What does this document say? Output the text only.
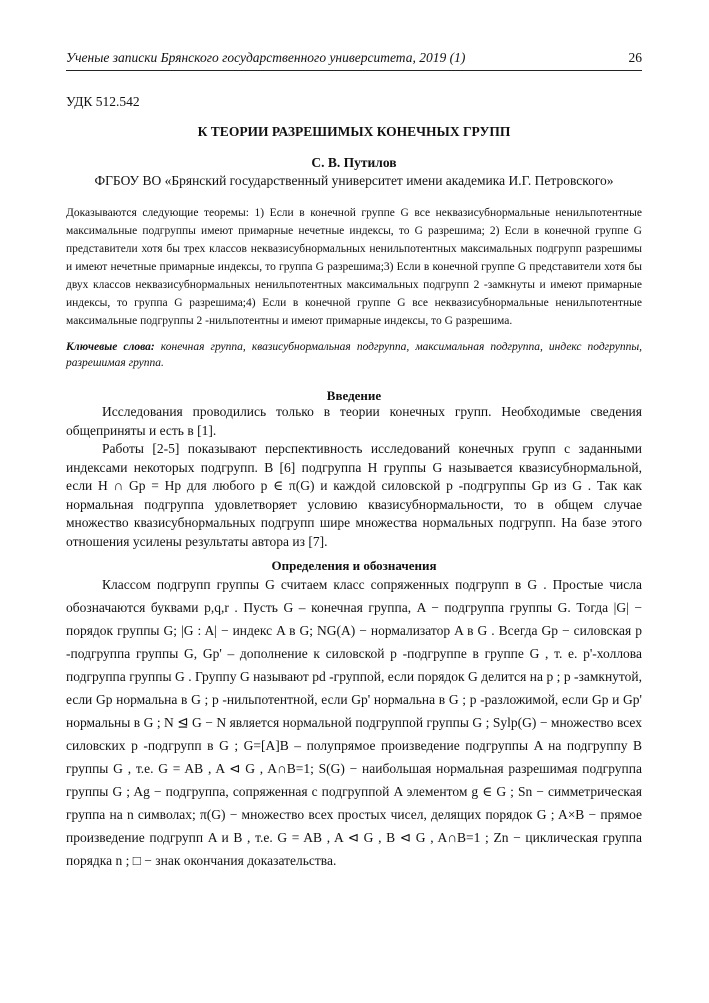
Ученые записки Брянского государственного университета, 2019 (1)	26
УДК 512.542
К ТЕОРИИ РАЗРЕШИМЫХ КОНЕЧНЫХ ГРУПП
С. В. Путилов
ФГБОУ ВО «Брянский государственный университет имени академика И.Г. Петровского»

Доказываются следующие теоремы: 1) Если в конечной группе G все неквазисубнормальные ненильпотентные максимальные подгруппы имеют примарные нечетные индексы, то G разрешима; 2) Если в конечной группе G представители хотя бы трех классов неквазисубнормальных ненильпотентных максимальных подгрупп разрешимы и имеют нечетные примарные индексы, то группа G разрешима;3) Если в конечной группе G представители хотя бы двух классов неквазисубнормальных ненильпотентных максимальных подгрупп 2 -замкнуты и имеют примарные индексы, то группа G разрешима;4) Если в конечной группе G все неквазисубнормальные ненильпотентные максимальные подгруппы 2 -нильпотентны и имеют примарные индексы, то G разрешима.

Ключевые слова: конечная группа, квазисубнормальная подгруппа, максимальная подгруппа, индекс подгруппы, разрешимая группа.

Введение

Исследования проводились только в теории конечных групп. Необходимые сведения общеприняты и есть в [1].

Работы [2-5] показывают перспективность исследований конечных групп с заданными индексами некоторых подгрупп. В [6] подгруппа H группы G называется квазисубнормальной, если H ∩ Gp = Hp для любого p ∈ π(G) и каждой силовской p -подгруппы Gp из G . Так как нормальная подгруппа удовлетворяет условию квазисубнормальности, то в общем случае множество квазисубнормальных подгрупп шире множества нормальных подгрупп. На базе этого отношения усилены результаты автора из [7].

Определения и обозначения

Классом подгрупп группы G считаем класс сопряженных подгрупп в G . Простые числа обозначаются буквами p,q,r . Пусть G – конечная группа, A − подгруппа группы G. Тогда |G| − порядок группы G; |G : A| − индекс A в G; NG(A) − нормализатор A в G . Всегда Gp − силовская p -подгруппа группы G, Gp' – дополнение к силовской p -подгруппе в группе G , т. е. p'-холлова подгруппа группы G . Группу G называют pd -группой, если порядок G делится на p ; p -замкнутой, если Gp нормальна в G ; p -нильпотентной, если Gp' нормальна в G ; p -разложимой, если Gp и Gp' нормальны в G ; N ⊴ G − N является нормальной подгруппой группы G ; Sylp(G) − множество всех силовских p -подгрупп в G ; G=[A]B – полупрямое произведение подгруппы A на подгруппу B группы G , т.е. G = AB , A ⊲ G , A∩B=1; S(G) − наибольшая нормальная разрешимая подгруппа группы G ; Ag − подгруппа, сопряженная с подгруппой A элементом g ∈ G ; Sn − симметрическая группа на n символах; π(G) − множество всех простых чисел, делящих порядок G ; A×B − прямое произведение подгрупп A и B , т.е. G = AB , A ⊲ G , B ⊲ G , A∩B=1 ; Zn − циклическая группа порядка n ; □ − знак окончания доказательства.
